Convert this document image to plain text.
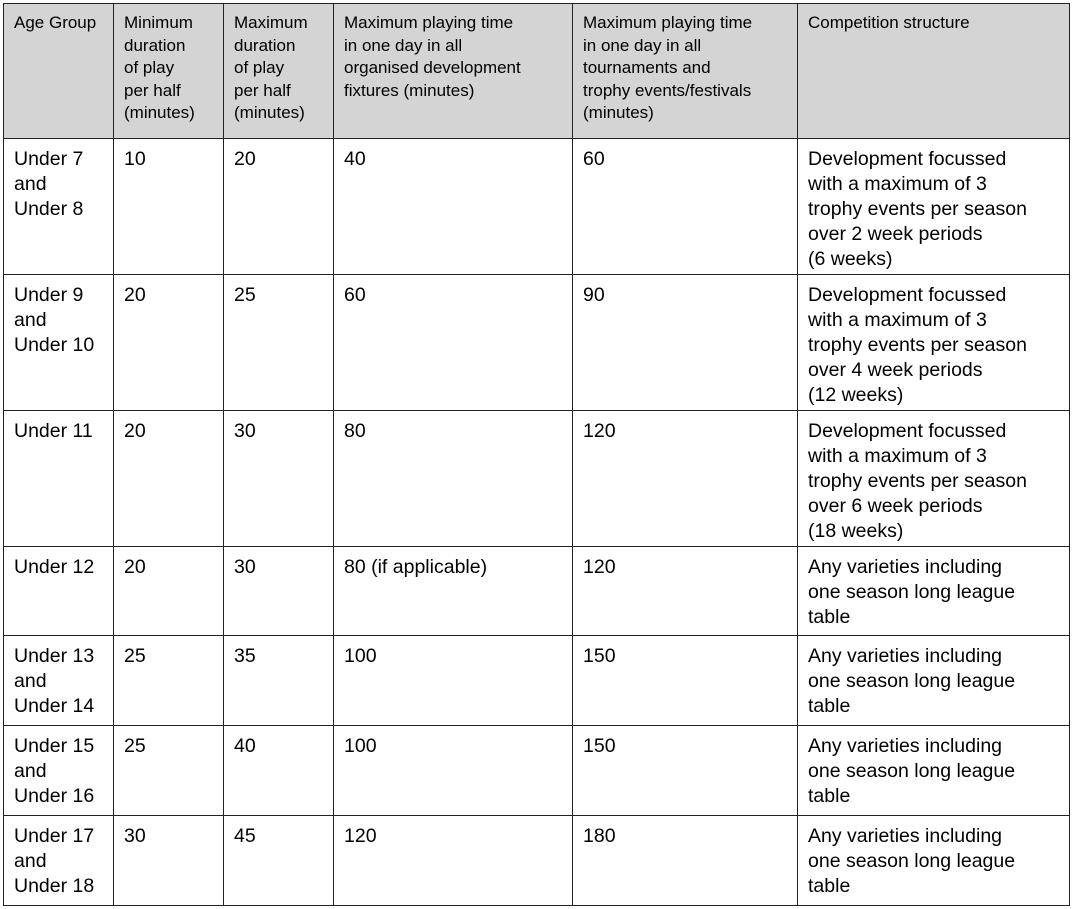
Age Group	Minimum
duration
of play
per half
(minutes)	Maximum
duration
of play
per half
(minutes)	Maximum playing time
in one day in all
organised development
fixtures (minutes)	Maximum playing time
in one day in all
tournaments and
trophy events/festivals
(minutes)	Competition structure
Under 7
and
Under 8	10	20	40	60	Development focussed
with a maximum of 3
trophy events per season
over 2 week periods
(6 weeks)
Under 9
and
Under 10	20	25	60	90	Development focussed
with a maximum of 3
trophy events per season
over 4 week periods
(12 weeks)
Under 11	20	30	80	120	Development focussed
with a maximum of 3
trophy events per season
over 6 week periods
(18 weeks)
Under 12	20	30	80 (if applicable)	120	Any varieties including
one season long league
table
Under 13
and
Under 14	25	35	100	150	Any varieties including
one season long league
table
Under 15
and
Under 16	25	40	100	150	Any varieties including
one season long league
table
Under 17
and
Under 18	30	45	120	180	Any varieties including
one season long league
table
